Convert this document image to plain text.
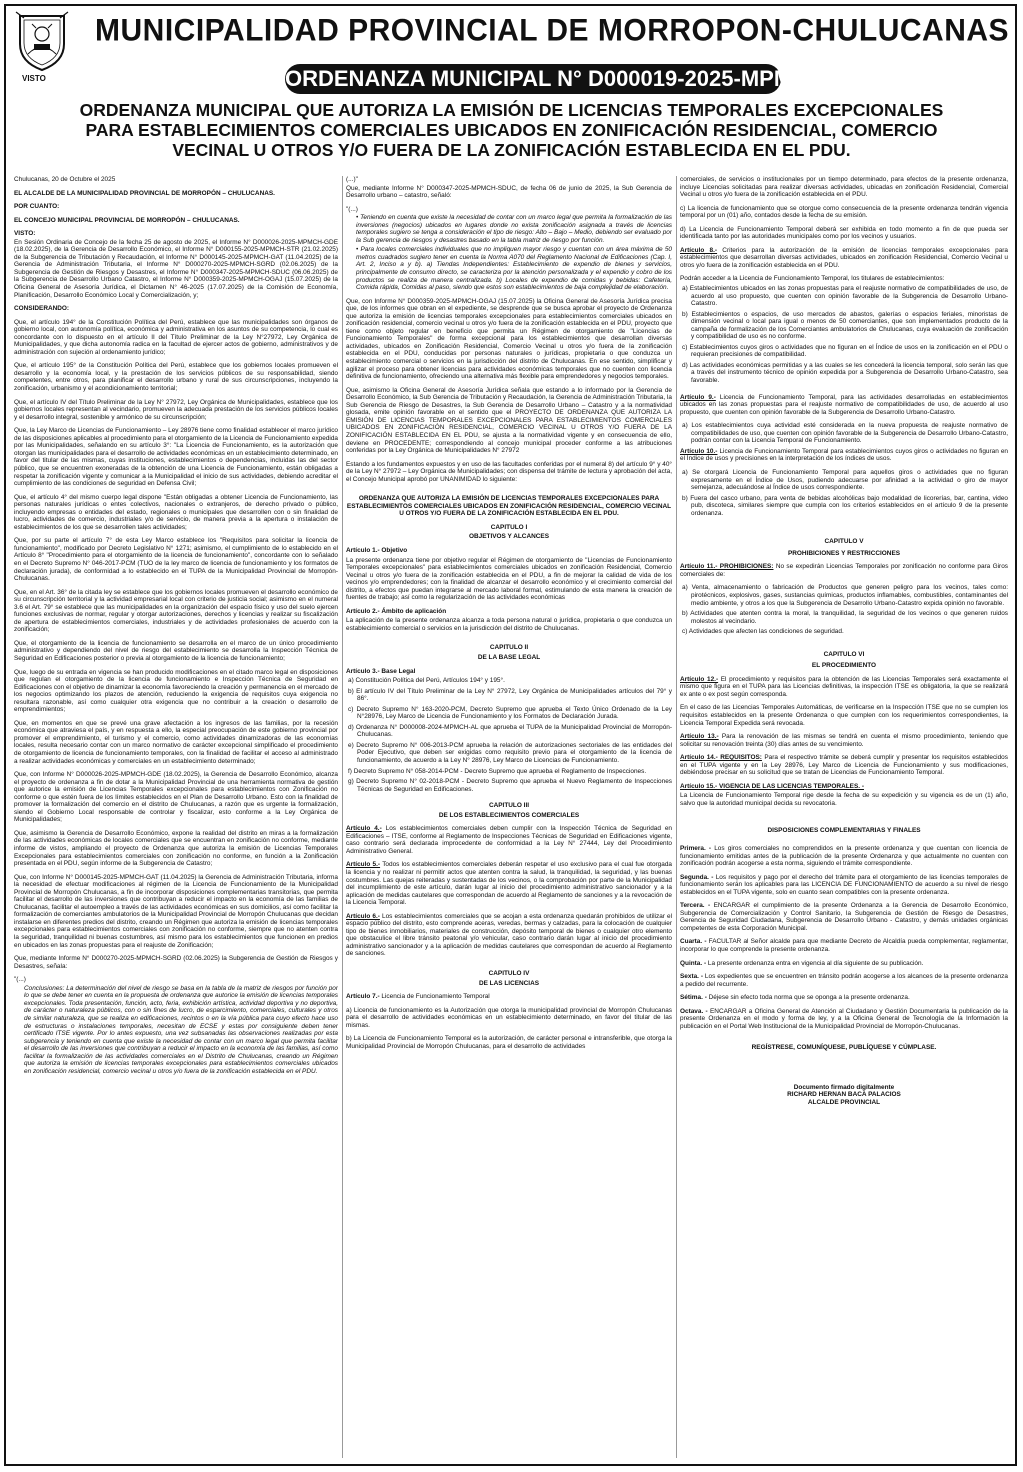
VISTO
MUNICIPALIDAD PROVINCIAL DE MORROPON-CHULUCANAS
ORDENANZA MUNICIPAL N° D000019-2025-MPMCH-AL
ORDENANZA MUNICIPAL QUE AUTORIZA LA EMISIÓN DE LICENCIAS TEMPORALES EXCEPCIONALES
PARA ESTABLECIMIENTOS COMERCIALES UBICADOS EN ZONIFICACIÓN RESIDENCIAL, COMERCIO
VECINAL U OTROS Y/O FUERA DE LA ZONIFICACIÓN ESTABLECIDA EN EL PDU.

Chulucanas, 20 de Octubre el 2025

EL ALCALDE DE LA MUNICIPALIDAD PROVINCIAL DE MORROPÓN – CHULUCANAS.

POR CUANTO:

EL CONCEJO MUNICIPAL PROVINCIAL DE MORROPÓN – CHULUCANAS.

VISTO:

En Sesión Ordinaria de Concejo de la fecha 25 de agosto de 2025, el Informe N° D000026-2025-MPMCH-GDE (18.02.2025), de la Gerencia de Desarrollo Económico, el Informe N° D000155-2025-MPMCH-STR (21.02.2025) de la Subgerencia de Tributación y Recaudación, el Informe N° D000145-2025-MPMCH-GAT (11.04.2025) de la Gerencia de Administración Tributaria, el Informe N° D000270-2025-MPMCH-SGRD (02.06.2025) de la Subgerencia de Gestión de Riesgos y Desastres, el Informe N° D000347-2025-MPMCH-SDUC (06.06.2025) de la Subgerencia de Desarrollo Urbano Catastro, el Informe N° D000359-2025-MPMCH-OGAJ (15.07.2025) de la Oficina General de Asesoría Jurídica, el Dictamen N° 46-2025 (17.07.2025) de la Comisión de Economía, Planificación, Desarrollo Económico Local y Comercialización, y;

CONSIDERANDO:

Que, el artículo 194° de la Constitución Política del Perú, establece que las municipalidades son órganos de gobierno local, con autonomía política, económica y administrativa en los asuntos de su competencia, lo cual es concordante con lo dispuesto en el artículo II del Título Preliminar de la Ley N°27972, Ley Orgánica de Municipalidades, y que dicha autonomía radica en la facultad de ejercer actos de gobierno, administrativos y de administración con sujeción al ordenamiento jurídico;

Que, el artículo 195° de la Constitución Política del Perú, establece que los gobiernos locales promueven el desarrollo y la economía local, y la prestación de los servicios públicos de su responsabilidad, siendo competentes, entre otros, para planificar el desarrollo urbano y rural de sus circunscripciones, incluyendo la zonificación, urbanismo y el acondicionamiento territorial;

Que, el artículo IV del Título Preliminar de la Ley N° 27972, Ley Orgánica de Municipalidades, establece que los gobiernos locales representan al vecindario, promueven la adecuada prestación de los servicios públicos locales y el desarrollo integral, sostenible y armónico de su circunscripción;

Que, la Ley Marco de Licencias de Funcionamiento – Ley 28976 tiene como finalidad establecer el marco jurídico de las disposiciones aplicables al procedimiento para el otorgamiento de la Licencia de Funcionamiento expedida por las Municipalidades, señalando en su artículo 3°: "La Licencia de Funcionamiento, es la autorización que otorgan las municipalidades para el desarrollo de actividades económicas en un establecimiento determinado, en favor del titular de las mismas, cuyas instituciones, establecimientos o dependencias, incluidas las del sector público, que se encuentren exoneradas de la obtención de una Licencia de Funcionamiento, están obligadas a respetar la zonificación vigente y comunicar a la Municipalidad el inicio de sus actividades, debiendo acreditar el cumplimiento de las condiciones de seguridad en Defensa Civil;

Que, el artículo 4° del mismo cuerpo legal dispone "Están obligadas a obtener Licencia de Funcionamiento, las personas naturales jurídicas o entes colectivos, nacionales o extranjeros, de derecho privado o público, incluyendo empresas o entidades del estado, regionales o municipales que desarrollen con o sin finalidad de lucro, actividades de comercio, industriales y/o de servicio, de manera previa a la apertura o instalación de establecimientos de los que se desarrollen tales actividades;

Que, por su parte el artículo 7° de esta Ley Marco establece los "Requisitos para solicitar la licencia de funcionamiento", modificado por Decreto Legislativo N° 1271; asimismo, el cumplimiento de lo establecido en el Artículo 8° "Procedimiento para el otorgamiento de la licencia de funcionamiento", concordante con lo señalado en el Decreto Supremo N° 046-2017-PCM (TUO de la ley marco de licencia de funcionamiento y los formatos de declaración jurada), de conformidad a lo establecido en el TUPA de la Municipalidad Provincial de Morropón-Chulucanas.

Que, en el Art. 36° de la citada ley se establece que los gobiernos locales promueven el desarrollo económico de su circunscripción territorial y la actividad empresarial local con criterio de justicia social; asimismo en el numeral 3.6 el Art. 79° se establece que las municipalidades en la organización del espacio físico y uso del suelo ejercen funciones exclusivas de normar, regular y otorgar autorizaciones, derechos y licencias y realizar su fiscalización de apertura de establecimientos comerciales, industriales y de actividades profesionales de acuerdo con la zonificación;

Que, el otorgamiento de la licencia de funcionamiento se desarrolla en el marco de un único procedimiento administrativo y dependiendo del nivel de riesgo del establecimiento se desarrolla la Inspección Técnica de Seguridad en Edificaciones posterior o previa al otorgamiento de la licencia de funcionamiento;

Que, luego de su entrada en vigencia se han producido modificaciones en el citado marco legal en disposiciones que regulan el otorgamiento de la licencia de funcionamiento e Inspección Técnica de Seguridad en Edificaciones con el objetivo de dinamizar la economía favoreciendo la creación y permanencia en el mercado de los negocios optimizando los plazos de atención, reduciendo la exigencia de requisitos cuya exigencia no resultara razonable, así como cualquier otra exigencia que no contribuir a la creación o desarrollo de emprendimientos;

Que, en momentos en que se prevé una grave afectación a los ingresos de las familias, por la recesión económica que atraviesa el país, y en respuesta a ello, la especial preocupación de este gobierno provincial por promover el emprendimiento, el turismo y el comercio, como actividades dinamizadoras de las economías locales, resulta necesario contar con un marco normativo de carácter excepcional simplificado el procedimiento de otorgamiento de licencia de funcionamiento temporales, con la finalidad de facilitar el acceso al administrado a realizar actividades económicas y comerciales en un establecimiento determinado;

Que, con Informe N° D000026-2025-MPMCH-GDE (18.02.2025), la Gerencia de Desarrollo Económico, alcanza el proyecto de ordenanza a fin de dotar a la Municipalidad Provincial de una herramienta normativa de gestión que autorice la emisión de Licencias Temporales excepcionales para establecimientos con Zonificación no conforme o que estén fuera de los límites establecidos en el Plan de Desarrollo Urbano. Esto con la finalidad de promover la formalización del comercio en el distrito de Chulucanas, a razón que es urgente la formalización, siendo el Gobierno Local responsable de controlar y fiscalizar, esto conforme a la Ley Orgánica de Municipalidades;

Que, asimismo la Gerencia de Desarrollo Económico, expone la realidad del distrito en miras a la formalización de las actividades económicas de locales comerciales que se encuentran en zonificación no conforme, mediante informe de vistos, ampliando el proyecto de Ordenanza que autoriza la emisión de Licencias Temporales Excepcionales para establecimientos comerciales con zonificación no conforme, en función a la Zonificación presentada en el PDU, según informe de la Subgerencia de Catastro;

Que, con Informe N° D000145-2025-MPMCH-GAT (11.04.2025) la Gerencia de Administración Tributaria, informa la necesidad de efectuar modificaciones al régimen de la Licencia de Funcionamiento de la Municipalidad Provincial de Morropón Chulucanas, a fin de incorporar disposiciones complementarias transitorias, que permita facilitar el desarrollo de las inversiones que contribuyan a reducir el impacto en la economía de las familias de Chulucanas, facilitar el autoempleo a través de las actividades económicas en sus domicilios, así como facilitar la formalización de comerciantes ambulatorios de la Municipalidad Provincial de Morropón Chulucanas que decidan instalarse en diferentes predios del distrito, creando un Régimen que autoriza la emisión de licencias temporales excepcionales para establecimientos comerciales con zonificación no conforme, siempre que no atenten contra la seguridad, tranquilidad ni buenas costumbres, así mismo para los establecimientos que funcionen en predios en ubicados en las zonas propuestas para el reajuste de Zonificación;

Que, mediante Informe N° D000270-2025-MPMCH-SGRD (02.06.2025) la Subgerencia de Gestión de Riesgos y Desastres, señala:

"(...)

Conclusiones: La determinación del nivel de riesgo se basa en la tabla de la matriz de riesgos por función por lo que se debe tener en cuenta en la propuesta de ordenanza que autorice la emisión de licencias temporales excepcionales. Toda presentación, función, acto, feria, exhibición artística, actividad deportiva y no deportiva, de carácter o naturaleza públicos, con o sin fines de lucro, de esparcimiento, comerciales, culturales y otros de similar naturaleza, que se realiza en edificaciones, recintos o en la vía pública para cuyo efecto hace uso de estructuras o instalaciones temporales, necesitan de ECSE y estas por consiguiente deben tener certificado ITSE vigente. Por lo antes expuesto, una vez subsanadas las observaciones realizadas por esta subgerencia y teniendo en cuenta que existe la necesidad de contar con un marco legal que permita facilitar el desarrollo de las inversiones que contribuyan a reducir el impacto en la economía de las familias, así como facilitar la formalización de las actividades comerciales en el Distrito de Chulucanas, creando un Régimen que autoriza la emisión de licencias temporales excepcionales para establecimientos comerciales ubicados en zonificación residencial, comercio vecinal u otros y/o fuera de la zonificación establecida en el PDU.

(...)"

Que, mediante Informe N° D000347-2025-MPMCH-SDUC, de fecha 06 de junio de 2025, la Sub Gerencia de Desarrollo urbano – catastro, señaló:

"(...)

• Teniendo en cuenta que existe la necesidad de contar con un marco legal que permita la formalización de las inversiones (negocios) ubicados en lugares donde no exista zonificación asignada a través de licencias temporales sugiero se tenga a consideración el tipo de riesgo: Alto – Bajo – Medio, debiendo ser evaluado por la Sub gerencia de riesgos y desastres basado en la tabla matriz de riesgo por función.

• Para locales comerciales individuales que no impliquen mayor riesgo y cuentan con un área máxima de 50 metros cuadrados sugiero tener en cuenta la Norma A070 del Reglamento Nacional de Edificaciones (Cap. I, Art. 2, Inciso a y b). a) Tiendas Independientes: Establecimiento de expendio de bienes y servicios, principalmente de consumo directo, se caracteriza por la atención personalizada y el expendio y cobro de los productos se realiza de manera centralizada. b) Locales de expendio de comidas y bebidas: Cafetería, Comida rápida, Comidas al paso, siendo que estos son establecimientos de baja complejidad de elaboración.

Que, con Informe N° D000359-2025-MPMCH-OGAJ (15.07.2025) la Oficina General de Asesoría Jurídica precisa que, de los informes que obran en el expediente, se desprende que se busca aprobar el proyecto de Ordenanza que autoriza la emisión de licencias temporales excepcionales para establecimientos comerciales ubicados en zonificación residencial, comercio vecinal u otros y/o fuera de la zonificación establecida en el PDU, proyecto que tiene como objeto regular en beneficio que permita un Régimen de otorgamiento de "Licencias de Funcionamiento Temporales" de forma excepcional para los establecimientos que desarrollan diversas actividades, ubicados en Zonificación Residencial, Comercio Vecinal u otros y/o fuera de la zonificación establecida en el PDU, conducidas por personas naturales o jurídicas, propietaria o que conduzca un establecimiento comercial o servicios en la jurisdicción del distrito de Chulucanas. En ese sentido, simplificar y agilizar el proceso para obtener licencias para actividades económicas temporales que no cuenten con licencia definitiva de funcionamiento, ofreciendo una alternativa más flexible para emprendedores y negocios temporales.

Que, asimismo la Oficina General de Asesoría Jurídica señala que estando a lo informado por la Gerencia de Desarrollo Económico, la Sub Gerencia de Tributación y Recaudación, la Gerencia de Administración Tributaria, la Sub Gerencia de Riesgo de Desastres, la Sub Gerencia de Desarrollo Urbano – Catastro y a la normatividad glosada, emite opinión favorable en el sentido que el PROYECTO DE ORDENANZA QUE AUTORIZA LA EMISIÓN DE LICENCIAS TEMPORALES EXCEPCIONALES PARA ESTABLECIMIENTOS COMERCIALES UBICADOS EN ZONIFICACIÓN RESIDENCIAL, COMERCIO VECINAL U OTROS Y/O FUERA DE LA ZONIFICACIÓN ESTABLECIDA EN EL PDU, se ajusta a la normatividad vigente y en consecuencia de ello, deviene en PROCEDENTE; correspondiendo al concejo municipal proceder conforme a las atribuciones conferidas por la Ley Orgánica de Municipalidades N° 27972

Estando a los fundamentos expuestos y en uso de las facultades conferidas por el numeral 8) del artículo 9° y 40° de la Ley N° 27972 – Ley Orgánica de Municipalidades; con dispensa del trámite de lectura y aprobación del acta, el Concejo Municipal aprobó por UNANIMIDAD lo siguiente:

ORDENANZA QUE AUTORIZA LA EMISIÓN DE LICENCIAS TEMPORALES EXCEPCIONALES PARA ESTABLECIMIENTOS COMERCIALES UBICADOS EN ZONIFICACIÓN RESIDENCIAL, COMERCIO VECINAL U OTROS Y/O FUERA DE LA ZONIFICACIÓN ESTABLECIDA EN EL PDU.

CAPITULO I

OBJETIVOS Y ALCANCES

Artículo 1.- Objetivo

La presente ordenanza tiene por objetivo regular el Régimen de otorgamiento de "Licencias de Funcionamiento Temporales excepcionales" para establecimientos comerciales ubicados en zonificación Residencial, Comercio Vecinal u otros y/o fuera de la zonificación establecida en el PDU, a fin de mejorar la calidad de vida de los vecinos y/o emprendedores; con la finalidad de alcanzar el desarrollo económico y el crecimiento comercial del distrito, a efectos que puedan integrarse al mercado laboral formal, estimulando de esta manera la creación de fuentes de trabajo; así como la regularización de las actividades económicas

Artículo 2.- Ámbito de aplicación

La aplicación de la presente ordenanza alcanza a toda persona natural o jurídica, propietaria o que conduzca un establecimiento comercial o servicios en la jurisdicción del distrito de Chulucanas.

CAPITULO II

DE LA BASE LEGAL

Artículo 3.- Base Legal

a) Constitución Política del Perú, Artículos 194° y 195°.

b) El artículo IV del Título Preliminar de la Ley N° 27972, Ley Orgánica de Municipalidades artículos del 79° y 86°.

c) Decreto Supremo N° 163-2020-PCM, Decreto Supremo que aprueba el Texto Único Ordenado de la Ley N°28976, Ley Marco de Licencia de Funcionamiento y los Formatos de Declaración Jurada.

d) Ordenanza N° D000008-2024-MPMCH-AL que aprueba el TUPA de la Municipalidad Provincial de Morropón-Chulucanas.

e) Decreto Supremo N° 006-2013-PCM aprueba la relación de autorizaciones sectoriales de las entidades del Poder Ejecutivo, que deben ser exigidas como requisito previo para el otorgamiento de la licencia de funcionamiento, de acuerdo a la Ley N° 28976, Ley Marco de Licencias de Funcionamiento.

f) Decreto Supremo N° 058-2014-PCM - Decreto Supremo que aprueba el Reglamento de Inspecciones.

g) Decreto Supremo N° 02-2018-PCM - Decreto Supremo que aprueba el Nuevo Reglamento de Inspecciones Técnicas de Seguridad en Edificaciones.

CAPITULO III

DE LOS ESTABLECIMIENTOS COMERCIALES

Artículo 4.- Los establecimientos comerciales deben cumplir con la Inspección Técnica de Seguridad en Edificaciones – ITSE, conforme al Reglamento de Inspecciones Técnicas de Seguridad en Edificaciones vigente, caso contrario será declarada improcedente de conformidad a la Ley N° 27444, Ley del Procedimiento Administrativo General.

Artículo 5.- Todos los establecimientos comerciales deberán respetar el uso exclusivo para el cual fue otorgada la licencia y no realizar ni permitir actos que atenten contra la salud, la tranquilidad, la seguridad, y las buenas costumbres. Las quejas reiteradas y sustentadas de los vecinos, o la comprobación por parte de la Municipalidad del incumplimiento de este artículo, darán lugar al inicio del procedimiento administrativo sancionador y a la aplicación de medidas cautelares que correspondan de acuerdo al Reglamento de sanciones y a la revocación de la Licencia Temporal.

Artículo 6.- Los establecimientos comerciales que se acojan a esta ordenanza quedarán prohibidos de utilizar el espacio público del distrito, esto comprende aceras, veredas, bermas y calzadas, para la colocación de cualquier tipo de bienes inmobiliarios, materiales de construcción, depósito temporal de bienes o cualquier otro elemento que obstaculice el libre tránsito peatonal y/o vehicular, caso contrario darán lugar al inicio del procedimiento administrativo sancionador y a la aplicación de medidas cautelares que correspondan de acuerdo al Reglamento de sanciones.

CAPITULO IV

DE LAS LICENCIAS

Artículo 7.- Licencia de Funcionamiento Temporal

a) Licencia de funcionamiento es la Autorización que otorga la municipalidad provincial de Morropón Chulucanas para el desarrollo de actividades económicas en un establecimiento determinado, en favor del titular de las mismas.

b) La Licencia de Funcionamiento Temporal es la autorización, de carácter personal e intransferible, que otorga la Municipalidad Provincial de Morropón Chulucanas, para el desarrollo de actividades

comerciales, de servicios o institucionales por un tiempo determinado, para efectos de la presente ordenanza, incluye Licencias solicitadas para realizar diversas actividades, ubicadas en zonificación Residencial, Comercial Vecinal u otros y/o fuera de la zonificación establecida en el PDU.

c) La licencia de funcionamiento que se otorgue como consecuencia de la presente ordenanza tendrán vigencia temporal por un (01) año, contados desde la fecha de su emisión.

d) La Licencia de Funcionamiento Temporal deberá ser exhibida en todo momento a fin de que pueda ser identificada tanto por las autoridades municipales como por los vecinos y usuarios.

Artículo 8.- Criterios para la autorización de la emisión de licencias temporales excepcionales para establecimientos que desarrollan diversas actividades, ubicados en zonificación Residencial, Comercio Vecinal u otros y/o fuera de la zonificación establecida en el PDU.

Podrán acceder a la Licencia de Funcionamiento Temporal, los titulares de establecimientos:

a) Establecimientos ubicados en las zonas propuestas para el reajuste normativo de compatibilidades de uso, de acuerdo al uso propuesto, que cuenten con opinión favorable de la Subgerencia de Desarrollo Urbano-Catastro.

b) Establecimientos o espacios, de uso mercados de abastos, galerías o espacios feriales, minoristas de dimensión vecinal o local para igual o menos de 50 comerciantes, que son implementados producto de la campaña de formalización de los Comerciantes ambulatorios de Chulucanas, cuya evaluación de zonificación y compatibilidad de uso es no conforme.

c) Establecimientos cuyos giros o actividades que no figuran en el Índice de usos en la zonificación en el PDU o requieran precisiones de compatibilidad.

d) Las actividades económicas permitidas y a las cuales se les concederá la licencia temporal, solo serán las que a través del instrumento técnico de opinión expedida por a Subgerencia de Desarrollo Urbano-Catastro, sea favorable.

Artículo 9.- Licencia de Funcionamiento Temporal, para las actividades desarrolladas en establecimientos ubicados en las zonas propuestas para el reajuste normativo de compatibilidades de uso, de acuerdo al uso propuesto, que cuenten con opinión favorable de la Subgerencia de Desarrollo Urbano-Catastro.

a) Los establecimientos cuya actividad esté considerada en la nueva propuesta de reajuste normativo de compatibilidades de uso, que cuenten con opinión favorable de la Subgerencia de Desarrollo Urbano-Catastro, podrán contar con la Licencia Temporal de Funcionamiento.

Artículo 10.- Licencia de Funcionamiento Temporal para establecimientos cuyos giros o actividades no figuran en el Índice de usos y precisiones en la interpretación de los índices de usos.

a) Se otorgará Licencia de Funcionamiento Temporal para aquellos giros o actividades que no figuran expresamente en el Índice de Usos, pudiendo adecuarse por afinidad a la actividad o giro de mayor semejanza, adecuándose al Índice de usos correspondiente.

b) Fuera del casco urbano, para venta de bebidas alcohólicas bajo modalidad de licorerías, bar, cantina, video pub, discoteca, similares siempre que cumpla con los criterios establecidos en el artículo 9 de la presente ordenanza.

CAPITULO V

PROHIBICIONES Y RESTRICCIONES

Artículo 11.- PROHIBICIONES: No se expedirán Licencias Temporales por zonificación no conforme para Giros comerciales de:

a) Venta, almacenamiento o fabricación de Productos que generen peligro para los vecinos, tales como: pirotécnicos, explosivos, gases, sustancias químicas, productos inflamables, combustibles, contaminantes del medio ambiente, y otros a los que la Subgerencia de Desarrollo Urbano-Catastro expida opinión no favorable.

b) Actividades que atenten contra la moral, la tranquilidad, la seguridad de los vecinos o que generen ruidos molestos al vecindario.

c) Actividades que afecten las condiciones de seguridad.

CAPITULO VI

EL PROCEDIMIENTO

Artículo 12.- El procedimiento y requisitos para la obtención de las Licencias Temporales será exactamente el mismo que figura en el TUPA para las Licencias definitivas, la inspección ITSE es obligatoria, la que se realizará ex ante o ex post según corresponda.

En el caso de las Licencias Temporales Automáticas, de verificarse en la Inspección ITSE que no se cumplen los requisitos establecidos en la presente Ordenanza o que cumplen con los requerimientos correspondientes, la Licencia Temporal Expedida será revocada.

Artículo 13.- Para la renovación de las mismas se tendrá en cuenta el mismo procedimiento, teniendo que solicitar su renovación treinta (30) días antes de su vencimiento.

Artículo 14.- REQUISITOS: Para el respectivo trámite se deberá cumplir y presentar los requisitos establecidos en el TUPA vigente y en la Ley 28976, Ley Marco de Licencia de Funcionamiento y sus modificaciones, debiéndose precisar en su solicitud que se tratan de Licencias de Funcionamiento Temporal.

Artículo 15.- VIGENCIA DE LAS LICENCIAS TEMPORALES. -

La Licencia de Funcionamiento Temporal rige desde la fecha de su expedición y su vigencia es de un (1) año, salvo que la autoridad municipal decida su revocatoria.

DISPOSICIONES COMPLEMENTARIAS Y FINALES

Primera. - Los giros comerciales no comprendidos en la presente ordenanza y que cuentan con licencia de funcionamiento emitidas antes de la publicación de la presente Ordenanza y que actualmente no cuenten con zonificación podrán acogerse a esta norma, siguiendo el trámite correspondiente.

Segunda. - Los requisitos y pago por el derecho del trámite para el otorgamiento de las licencias temporales de funcionamiento serán los aplicables para las LICENCIA DE FUNCIONAMIENTO de acuerdo a su nivel de riesgo establecidos en el TUPA vigente, solo en cuanto sean compatibles con la presente ordenanza.

Tercera. - ENCARGAR el cumplimiento de la presente Ordenanza a la Gerencia de Desarrollo Económico, Subgerencia de Comercialización y Control Sanitario, la Subgerencia de Gestión de Riesgo de Desastres, Gerencia de Seguridad Ciudadana, Subgerencia de Desarrollo Urbano - Catastro, y demás unidades orgánicas competentes de esta Corporación Municipal.

Cuarta. - FACULTAR al Señor alcalde para que mediante Decreto de Alcaldía pueda complementar, reglamentar, incorporar lo que comprende la presente ordenanza.

Quinta. - La presente ordenanza entra en vigencia al día siguiente de su publicación.

Sexta. - Los expedientes que se encuentren en tránsito podrán acogerse a los alcances de la presente ordenanza a pedido del recurrente.

Sétima. - Déjese sin efecto toda norma que se oponga a la presente ordenanza.

Octava. - ENCARGAR a Oficina General de Atención al Ciudadano y Gestión Documentaria la publicación de la presente Ordenanza en el modo y forma de ley, y a la Oficina General de Tecnología de la Información la publicación en el Portal Web Institucional de la Municipalidad Provincial de Morropón-Chulucanas.

REGÍSTRESE, COMUNÍQUESE, PUBLÍQUESE Y CÚMPLASE.

Documento firmado digitalmente
RICHARD HERNAN BACA PALACIOS
ALCALDE PROVINCIAL
